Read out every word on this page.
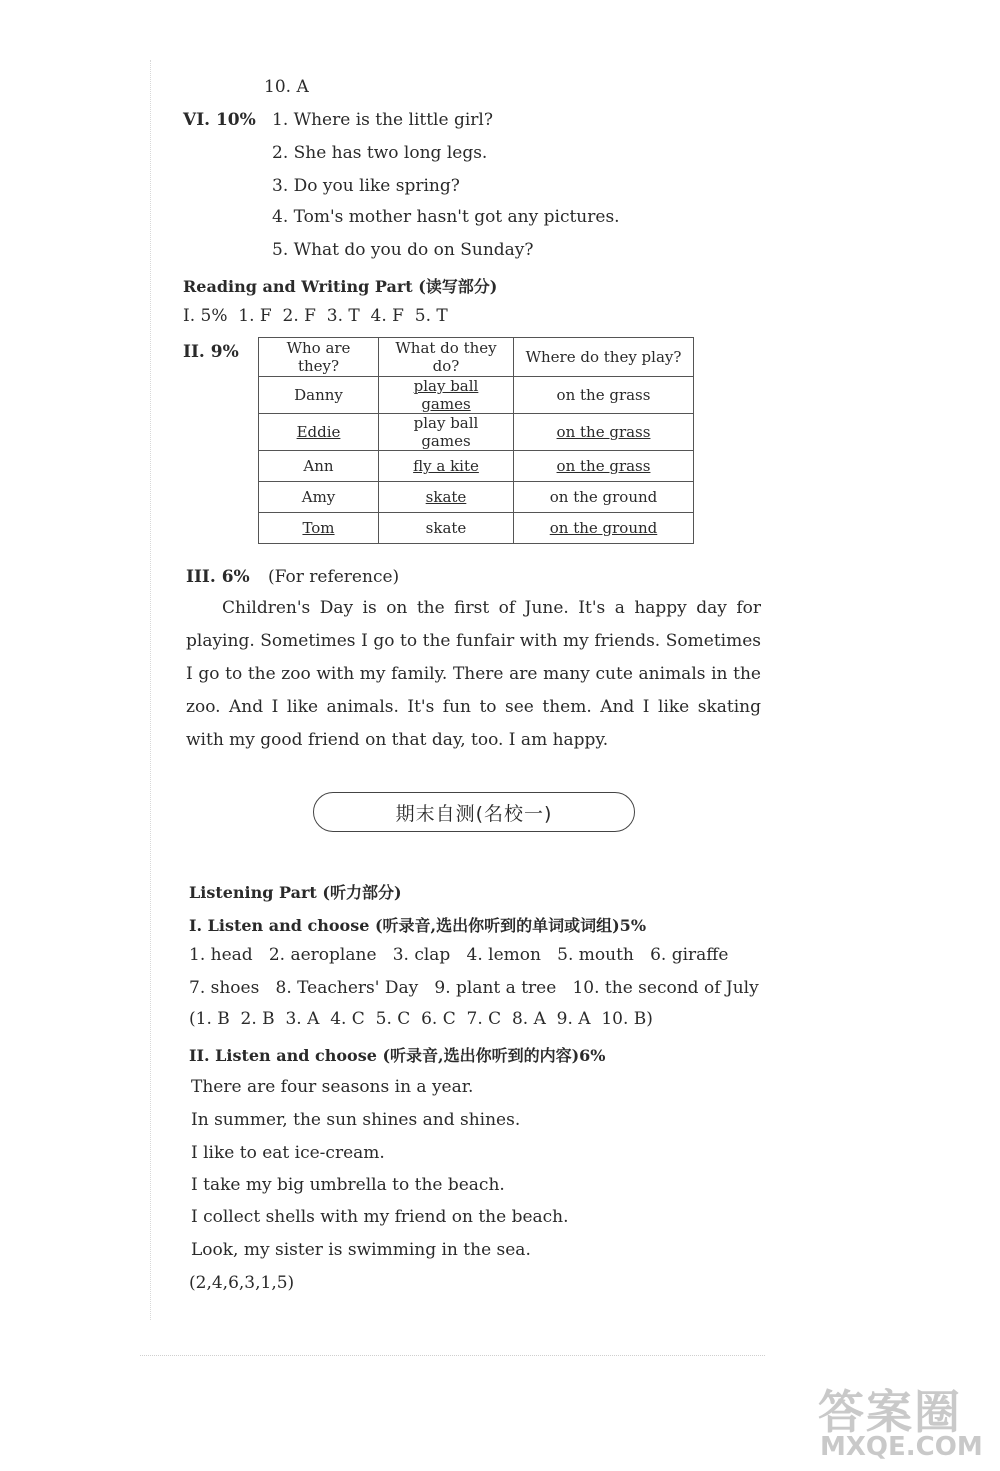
10. A
VI. 10% 1. Where is the little girl?
2. She has two long legs.
3. Do you like spring?
4. Tom's mother hasn't got any pictures.
5. What do you do on Sunday?
Reading and Writing Part (读写部分)
I. 5%  1. F  2. F  3. T  4. F  5. T
II. 9%	Who are they?	What do they do?	Where do they play?
Danny	play ball games	on the grass
Eddie	play ball games	on the grass
Ann	fly a kite	on the grass
Amy	skate	on the ground
Tom	skate	on the ground
III. 6% (For reference)
Children's Day is on the first of June. It's a happy day for playing. Sometimes I go to the funfair with my friends. Sometimes I go to the zoo with my family. There are many cute animals in the zoo. And I like animals. It's fun to see them. And I like skating with my good friend on that day, too. I am happy.
期末自测(名校一)
Listening Part (听力部分)
I. Listen and choose (听录音,选出你听到的单词或词组)5%
1. head   2. aeroplane   3. clap   4. lemon   5. mouth   6. giraffe
7. shoes   8. Teachers' Day   9. plant a tree   10. the second of July
(1. B  2. B  3. A  4. C  5. C  6. C  7. C  8. A  9. A  10. B)
II. Listen and choose (听录音,选出你听到的内容)6%
There are four seasons in a year.
In summer, the sun shines and shines.
I like to eat ice-cream.
I take my big umbrella to the beach.
I collect shells with my friend on the beach.
Look, my sister is swimming in the sea.
(2,4,6,3,1,5)
答案圈
MXQE.COM
